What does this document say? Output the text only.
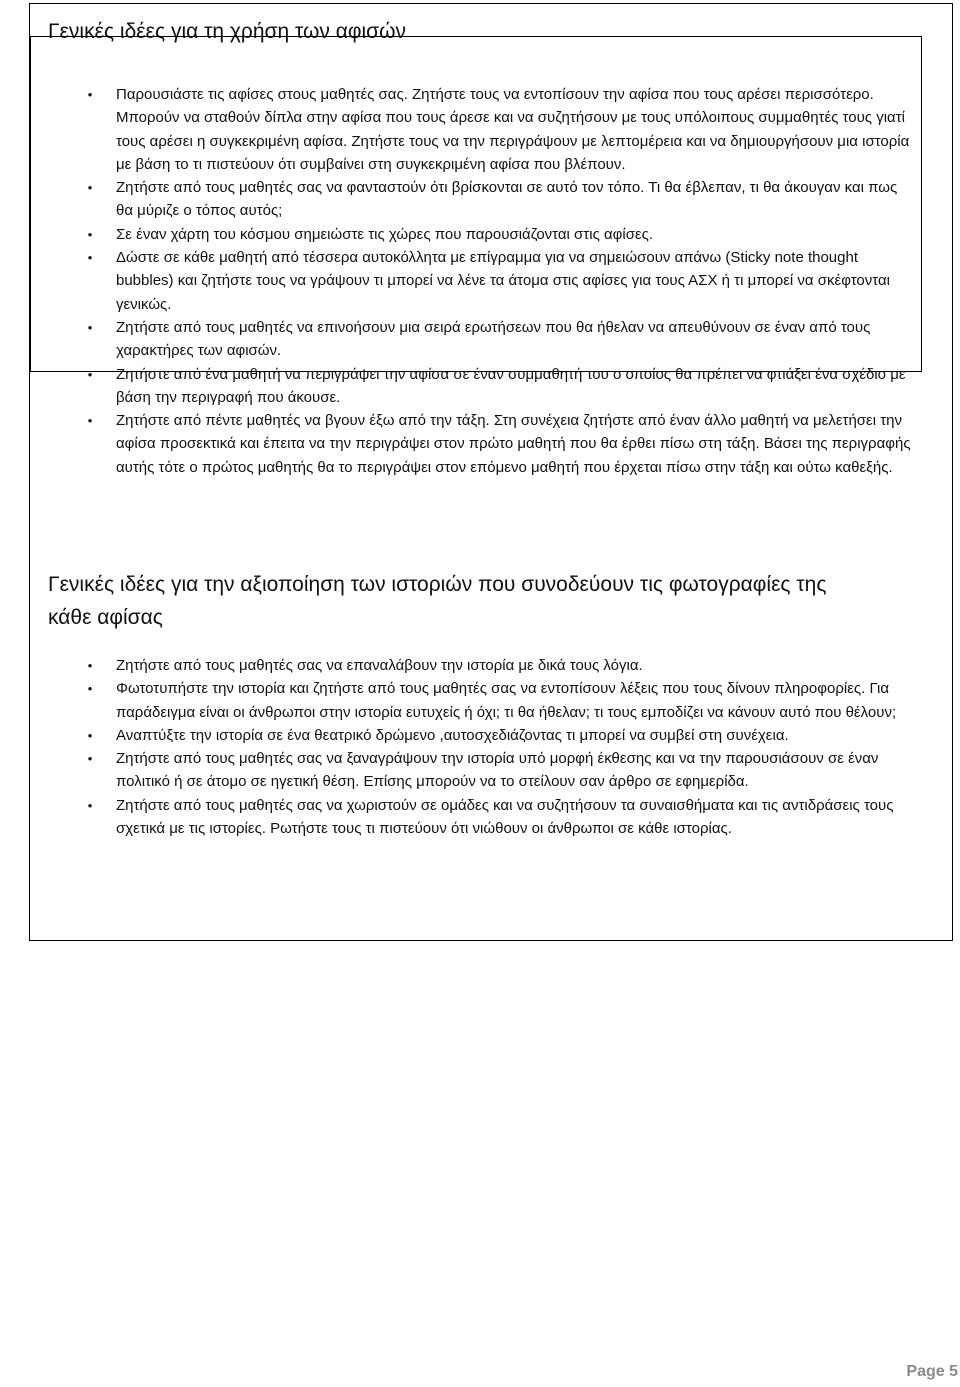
Γενικές ιδέες για τη χρήση των αφισών
• Παρουσιάστε τις αφίσες στους μαθητές σας. Ζητήστε τους να εντοπίσουν την αφίσα που τους αρέσει περισσότερο. Μπορούν να σταθούν δίπλα στην αφίσα που τους άρεσε και να συζητήσουν με τους υπόλοιπους συμμαθητές τους γιατί τους αρέσει η συγκεκριμένη αφίσα. Ζητήστε τους να την περιγράψουν με λεπτομέρεια και να δημιουργήσουν μια ιστορία με βάση το τι πιστεύουν ότι συμβαίνει στη συγκεκριμένη αφίσα που βλέπουν.
• Ζητήστε από τους μαθητές σας να φανταστούν ότι βρίσκονται σε αυτό τον τόπο. Τι θα έβλεπαν, τι θα άκουγαν και πως θα μύριζε ο τόπος αυτός;
• Σε έναν χάρτη του κόσμου σημειώστε τις χώρες που παρουσιάζονται στις αφίσες.
• Δώστε σε κάθε μαθητή από τέσσερα αυτοκόλλητα με επίγραμμα για να σημειώσουν απάνω (Sticky note thought bubbles) και ζητήστε τους να γράψουν τι μπορεί να λένε τα άτομα στις αφίσες για τους ΑΣΧ ή τι μπορεί να σκέφτονται γενικώς.
• Ζητήστε από τους μαθητές να επινοήσουν μια σειρά ερωτήσεων που θα ήθελαν να απευθύνουν σε έναν από τους χαρακτήρες των αφισών.
• Ζητήστε από ένα μαθητή να περιγράψει την αφίσα σε έναν συμμαθητή του ο οποίος θα πρέπει να φτιάξει ένα σχέδιο με βάση την περιγραφή που άκουσε.
• Ζητήστε από πέντε μαθητές να βγουν έξω από την τάξη. Στη συνέχεια ζητήστε από έναν άλλο μαθητή να μελετήσει την αφίσα προσεκτικά και έπειτα να την περιγράψει στον πρώτο μαθητή που θα έρθει πίσω στη τάξη. Βάσει της περιγραφής αυτής τότε ο πρώτος μαθητής θα το περιγράψει στον επόμενο μαθητή που έρχεται πίσω στην τάξη και ούτω καθεξής.
Γενικές ιδέες για την αξιοποίηση των ιστοριών που συνοδεύουν τις φωτογραφίες της κάθε αφίσας
• Ζητήστε από τους μαθητές σας να επαναλάβουν την ιστορία με δικά τους λόγια.
• Φωτοτυπήστε την ιστορία και ζητήστε από τους μαθητές σας να εντοπίσουν λέξεις που τους δίνουν πληροφορίες. Για παράδειγμα είναι οι άνθρωποι στην ιστορία ευτυχείς ή όχι; τι θα ήθελαν; τι τους εμποδίζει να κάνουν αυτό που θέλουν;
• Αναπτύξτε την ιστορία σε ένα θεατρικό δρώμενο ,αυτοσχεδιάζοντας τι μπορεί να συμβεί στη συνέχεια.
• Ζητήστε από τους μαθητές σας να ξαναγράψουν την ιστορία υπό μορφή έκθεσης και να την παρουσιάσουν σε έναν πολιτικό ή σε άτομο σε ηγετική θέση. Επίσης μπορούν να το στείλουν σαν άρθρο σε εφημερίδα.
• Ζητήστε από τους μαθητές σας να χωριστούν σε ομάδες και να συζητήσουν τα συναισθήματα και τις αντιδράσεις τους σχετικά με τις ιστορίες. Ρωτήστε τους τι πιστεύουν ότι νιώθουν οι άνθρωποι σε κάθε ιστορίας.
Page 5
